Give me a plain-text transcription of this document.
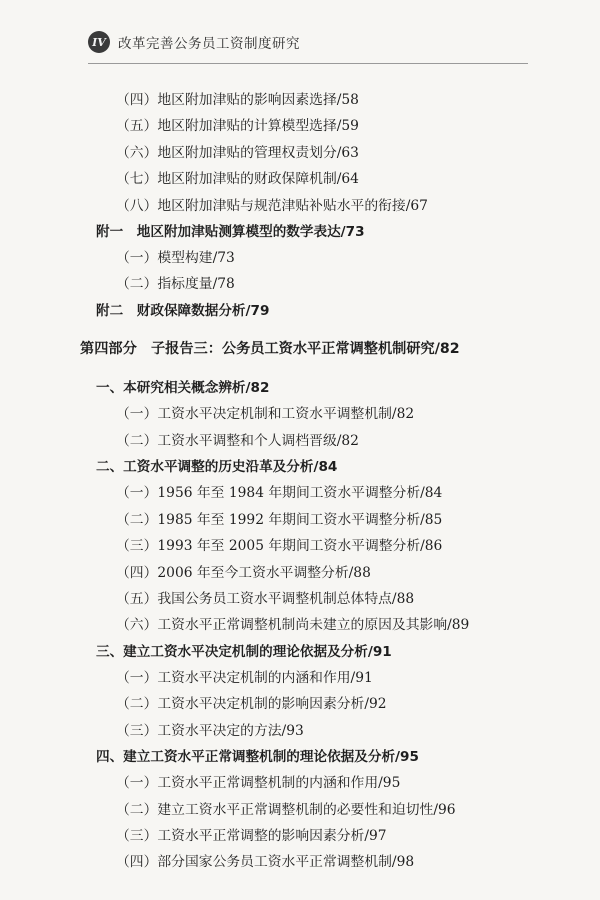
IV 改革完善公务员工资制度研究
（四）地区附加津贴的影响因素选择/58
（五）地区附加津贴的计算模型选择/59
（六）地区附加津贴的管理权责划分/63
（七）地区附加津贴的财政保障机制/64
（八）地区附加津贴与规范津贴补贴水平的衔接/67
附一　地区附加津贴测算模型的数学表达/73
（一）模型构建/73
（二）指标度量/78
附二　财政保障数据分析/79
第四部分　子报告三：公务员工资水平正常调整机制研究/82
一、本研究相关概念辨析/82
（一）工资水平决定机制和工资水平调整机制/82
（二）工资水平调整和个人调档晋级/82
二、工资水平调整的历史沿革及分析/84
（一）1956 年至 1984 年期间工资水平调整分析/84
（二）1985 年至 1992 年期间工资水平调整分析/85
（三）1993 年至 2005 年期间工资水平调整分析/86
（四）2006 年至今工资水平调整分析/88
（五）我国公务员工资水平调整机制总体特点/88
（六）工资水平正常调整机制尚未建立的原因及其影响/89
三、建立工资水平决定机制的理论依据及分析/91
（一）工资水平决定机制的内涵和作用/91
（二）工资水平决定机制的影响因素分析/92
（三）工资水平决定的方法/93
四、建立工资水平正常调整机制的理论依据及分析/95
（一）工资水平正常调整机制的内涵和作用/95
（二）建立工资水平正常调整机制的必要性和迫切性/96
（三）工资水平正常调整的影响因素分析/97
（四）部分国家公务员工资水平正常调整机制/98
